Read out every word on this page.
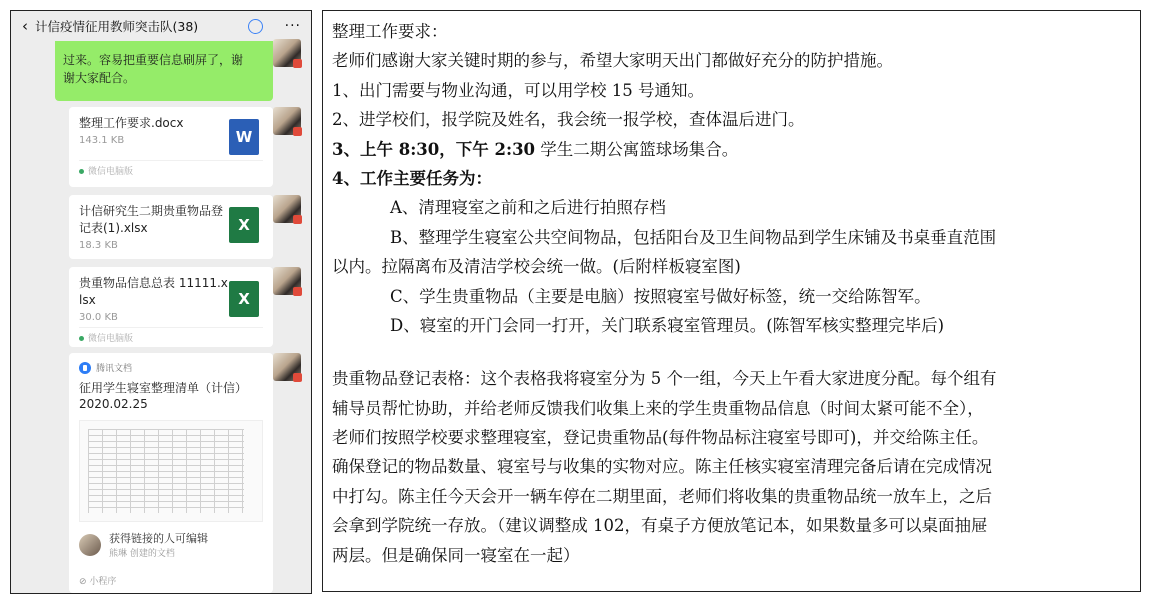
‹ 计信疫情征用教师突击队(38)	···

过来。容易把重要信息刷屏了，谢
谢大家配合。
整理工作要求.docx
143.1 KB	W
微信电脑版
计信研究生二期贵重物品登记表(1).xlsx
18.3 KB
X
贵重物品信息总表 11111.xlsx
30.0 KB
X
微信电脑版
腾讯文档
征用学生寝室整理清单（计信）
2020.02.25
获得链接的人可编辑
熊琳 创建的文档
⊘ 小程序
整理工作要求：
老师们感谢大家关键时期的参与，希望大家明天出门都做好充分的防护措施。
1、出门需要与物业沟通，可以用学校 15 号通知。
2、进学校们，报学院及姓名，我会统一报学校，查体温后进门。
3、上午 8:30，下午 2:30 学生二期公寓篮球场集合。
4、工作主要任务为：
A、清理寝室之前和之后进行拍照存档
B、整理学生寝室公共空间物品，包括阳台及卫生间物品到学生床铺及书桌垂直范围
以内。拉隔离布及清洁学校会统一做。(后附样板寝室图)
C、学生贵重物品（主要是电脑）按照寝室号做好标签，统一交给陈智军。
D、寝室的开门会同一打开，关门联系寝室管理员。(陈智军核实整理完毕后)
贵重物品登记表格：这个表格我将寝室分为 5 个一组，今天上午看大家进度分配。每个组有
辅导员帮忙协助，并给老师反馈我们收集上来的学生贵重物品信息（时间太紧可能不全），
老师们按照学校要求整理寝室，登记贵重物品(每件物品标注寝室号即可)，并交给陈主任。
确保登记的物品数量、寝室号与收集的实物对应。陈主任核实寝室清理完备后请在完成情况
中打勾。陈主任今天会开一辆车停在二期里面，老师们将收集的贵重物品统一放车上，之后
会拿到学院统一存放。（建议调整成 102，有桌子方便放笔记本，如果数量多可以桌面抽屉
两层。但是确保同一寝室在一起）
